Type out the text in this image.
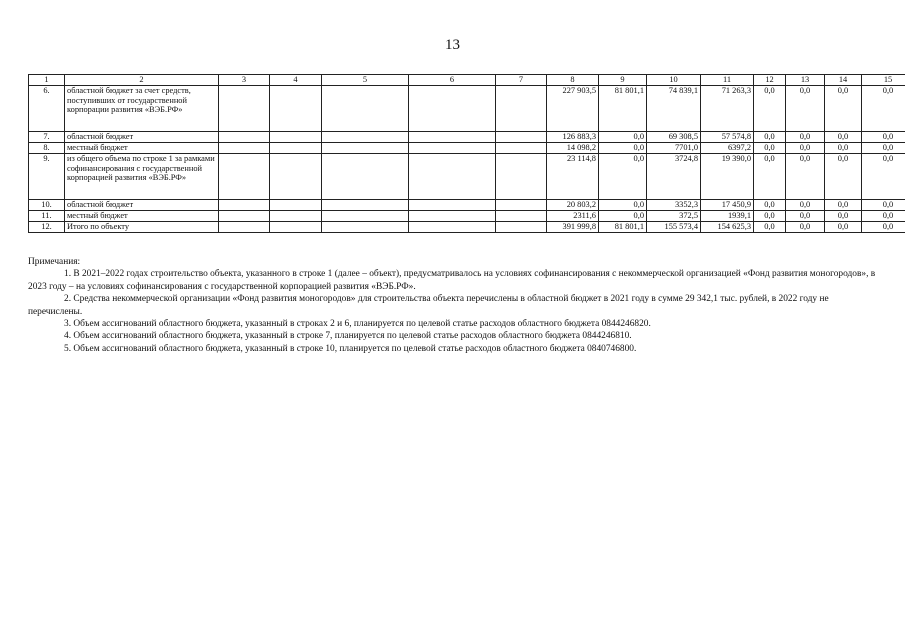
13
1	2	3	4	5	6	7	8	9	10	11	12	13	14	15
6.	областной бюджет за счет средств, поступивших от государственной корпорации развития «ВЭБ.РФ»						227 903,5	81 801,1	74 839,1	71 263,3	0,0	0,0	0,0	0,0
7.	областной бюджет						126 883,3	0,0	69 308,5	57 574,8	0,0	0,0	0,0	0,0
8.	местный бюджет						14 098,2	0,0	7701,0	6397,2	0,0	0,0	0,0	0,0
9.	из общего объема по строке 1 за рамками софинансирования с государственной корпорацией развития «ВЭБ.РФ»						23 114,8	0,0	3724,8	19 390,0	0,0	0,0	0,0	0,0
10.	областной бюджет						20 803,2	0,0	3352,3	17 450,9	0,0	0,0	0,0	0,0
11.	местный бюджет						2311,6	0,0	372,5	1939,1	0,0	0,0	0,0	0,0
12.	Итого по объекту						391 999,8	81 801,1	155 573,4	154 625,3	0,0	0,0	0,0	0,0

Примечания:

1. В 2021–2022 годах строительство объекта, указанного в строке 1 (далее – объект), предусматривалось на условиях софинансирования с некоммерческой организацией «Фонд развития моногородов», в 2023 году – на условиях софинансирования с государственной корпорацией развития «ВЭБ.РФ».

2. Средства некоммерческой организации «Фонд развития моногородов» для строительства объекта перечислены в областной бюджет в 2021 году в сумме 29 342,1 тыс. рублей, в 2022 году не перечислены.

3. Объем ассигнований областного бюджета, указанный в строках 2 и 6, планируется по целевой статье расходов областного бюджета 0844246820.

4. Объем ассигнований областного бюджета, указанный в строке 7, планируется по целевой статье расходов областного бюджета 0844246810.

5. Объем ассигнований областного бюджета, указанный в строке 10, планируется по целевой статье расходов областного бюджета 0840746800.
